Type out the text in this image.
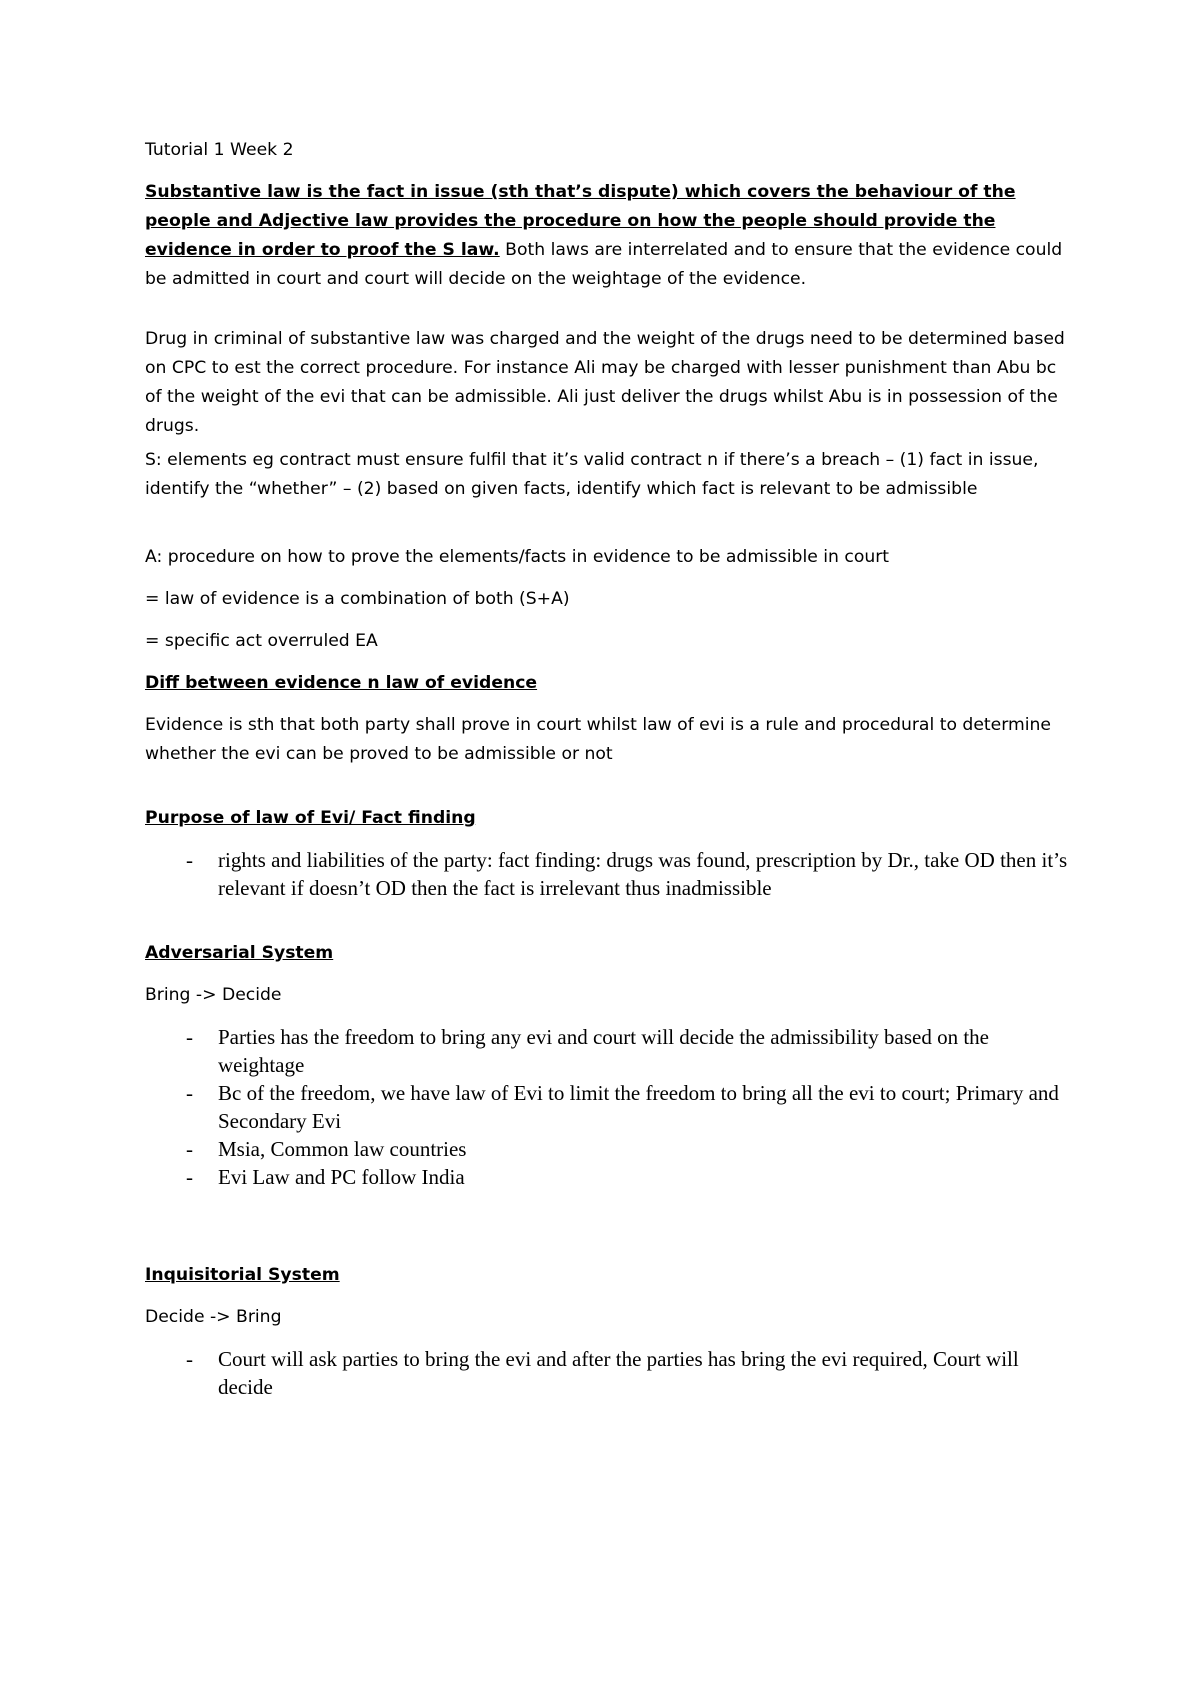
Tutorial 1 Week 2

Substantive law is the fact in issue (sth that’s dispute) which covers the behaviour of the people and Adjective law provides the procedure on how the people should provide the evidence in order to proof the S law. Both laws are interrelated and to ensure that the evidence could be admitted in court and court will decide on the weightage of the evidence.

Drug in criminal of substantive law was charged and the weight of the drugs need to be determined based on CPC to est the correct procedure. For instance Ali may be charged with lesser punishment than Abu bc of the weight of the evi that can be admissible. Ali just deliver the drugs whilst Abu is in possession of the drugs.

S: elements eg contract must ensure fulfil that it’s valid contract n if there’s a breach – (1) fact in issue, identify the “whether” – (2) based on given facts, identify which fact is relevant to be admissible

A: procedure on how to prove the elements/facts in evidence to be admissible in court

= law of evidence is a combination of both (S+A)

= specific act overruled EA

Diff between evidence n law of evidence

Evidence is sth that both party shall prove in court whilst law of evi is a rule and procedural to determine whether the evi can be proved to be admissible or not

Purpose of law of Evi/ Fact finding

- rights and liabilities of the party: fact finding: drugs was found, prescription by Dr., take OD then it’s relevant if doesn’t OD then the fact is irrelevant thus inadmissible

Adversarial System

Bring -> Decide

- Parties has the freedom to bring any evi and court will decide the admissibility based on the weightage
- Bc of the freedom, we have law of Evi to limit the freedom to bring all the evi to court; Primary and Secondary Evi
- Msia, Common law countries
- Evi Law and PC follow India

Inquisitorial System

Decide -> Bring

- Court will ask parties to bring the evi and after the parties has bring the evi required, Court will decide
